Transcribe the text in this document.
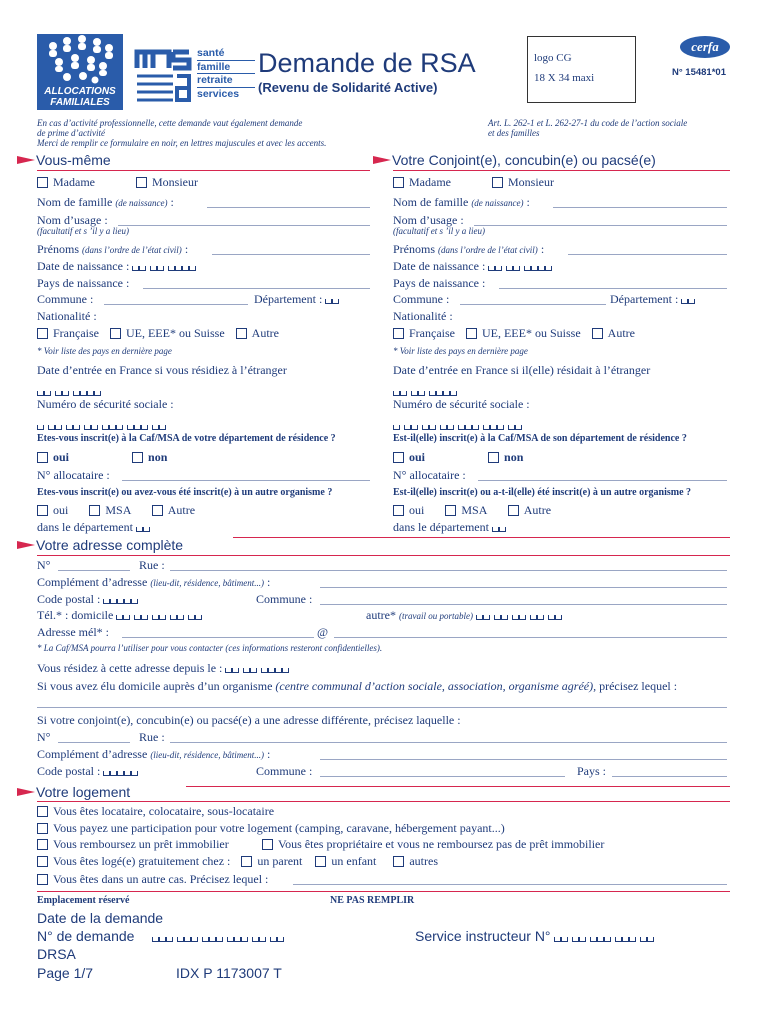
ALLOCATIONS FAMILIALES
santé
famille
retraite
services
Demande de RSA
(Revenu de Solidarité Active)
logo CG
18 X 34 maxi
cerfa
N° 15481*01
En cas d’activité professionnelle, cette demande vaut également demande
de prime d’activité
Merci de remplir ce formulaire en noir, en lettres majuscules et avec les accents.
Art. L. 262-1 et L. 262-27-1 du code de l’action sociale
et des familles
Vous-même
Madame	Monsieur
Nom de famille (de naissance) :
Nom d’usage :
(facultatif et s ’il y a lieu)
Prénoms (dans l’ordre de l’état civil) :
Date de naissance :
Pays de naissance :
Commune :	Département :
Nationalité :
Française UE, EEE* ou Suisse Autre
* Voir liste des pays en dernière page
Date d’entrée en France si vous résidiez à l’étranger
Numéro de sécurité sociale :
Etes-vous inscrit(e) à la Caf/MSA de votre département de résidence ?
oui	non
N° allocataire :
Etes-vous inscrit(e) ou avez-vous été inscrit(e) à un autre organisme ?
oui	MSA	Autre
dans le département
Votre Conjoint(e), concubin(e) ou pacsé(e)
Madame	Monsieur
Nom de famille (de naissance) :
Nom d’usage :
(facultatif et s ’il y a lieu)
Prénoms (dans l’ordre de l’état civil) :
Date de naissance :
Pays de naissance :
Commune :	Département :
Nationalité :
Française UE, EEE* ou Suisse Autre
* Voir liste des pays en dernière page
Date d’entrée en France si il(elle) résidait à l’étranger
Numéro de sécurité sociale :
Est-il(elle) inscrit(e) à la Caf/MSA de son département de résidence ?
oui	non
N° allocataire :
Est-il(elle) inscrit(e) ou a-t-il(elle) été inscrit(e) à un autre organisme ?
oui	MSA	Autre
dans le département
Votre adresse complète
N°	Rue :
Complément d’adresse (lieu-dit, résidence, bâtiment...) :
Code postal :	Commune :
Tél.* : domicile	autre* (travail ou portable)
Adresse mél* :	@
* La Caf/MSA pourra l’utiliser pour vous contacter (ces informations resteront confidentielles).
Vous résidez à cette adresse depuis le :
Si vous avez élu domicile auprès d’un organisme (centre communal d’action sociale, association, organisme agréé), précisez lequel :
Si votre conjoint(e), concubin(e) ou pacsé(e) a une adresse différente, précisez laquelle :
N°	Rue :
Complément d’adresse (lieu-dit, résidence, bâtiment...) :
Code postal :	Commune :	Pays :
Votre logement
Vous êtes locataire, colocataire, sous-locataire
Vous payez une participation pour votre logement (camping, caravane, hébergement payant...)
Vous remboursez un prêt immobilier	Vous êtes propriétaire et vous ne remboursez pas de prêt immobilier
Vous êtes logé(e) gratuitement chez : un parent un enfant	autres
Vous êtes dans un autre cas. Précisez lequel :
Emplacement réservé	NE PAS REMPLIR
Date de la demande
N° de demande	Service instructeur N°
DRSA
Page 1/7	IDX P 1173007 T
